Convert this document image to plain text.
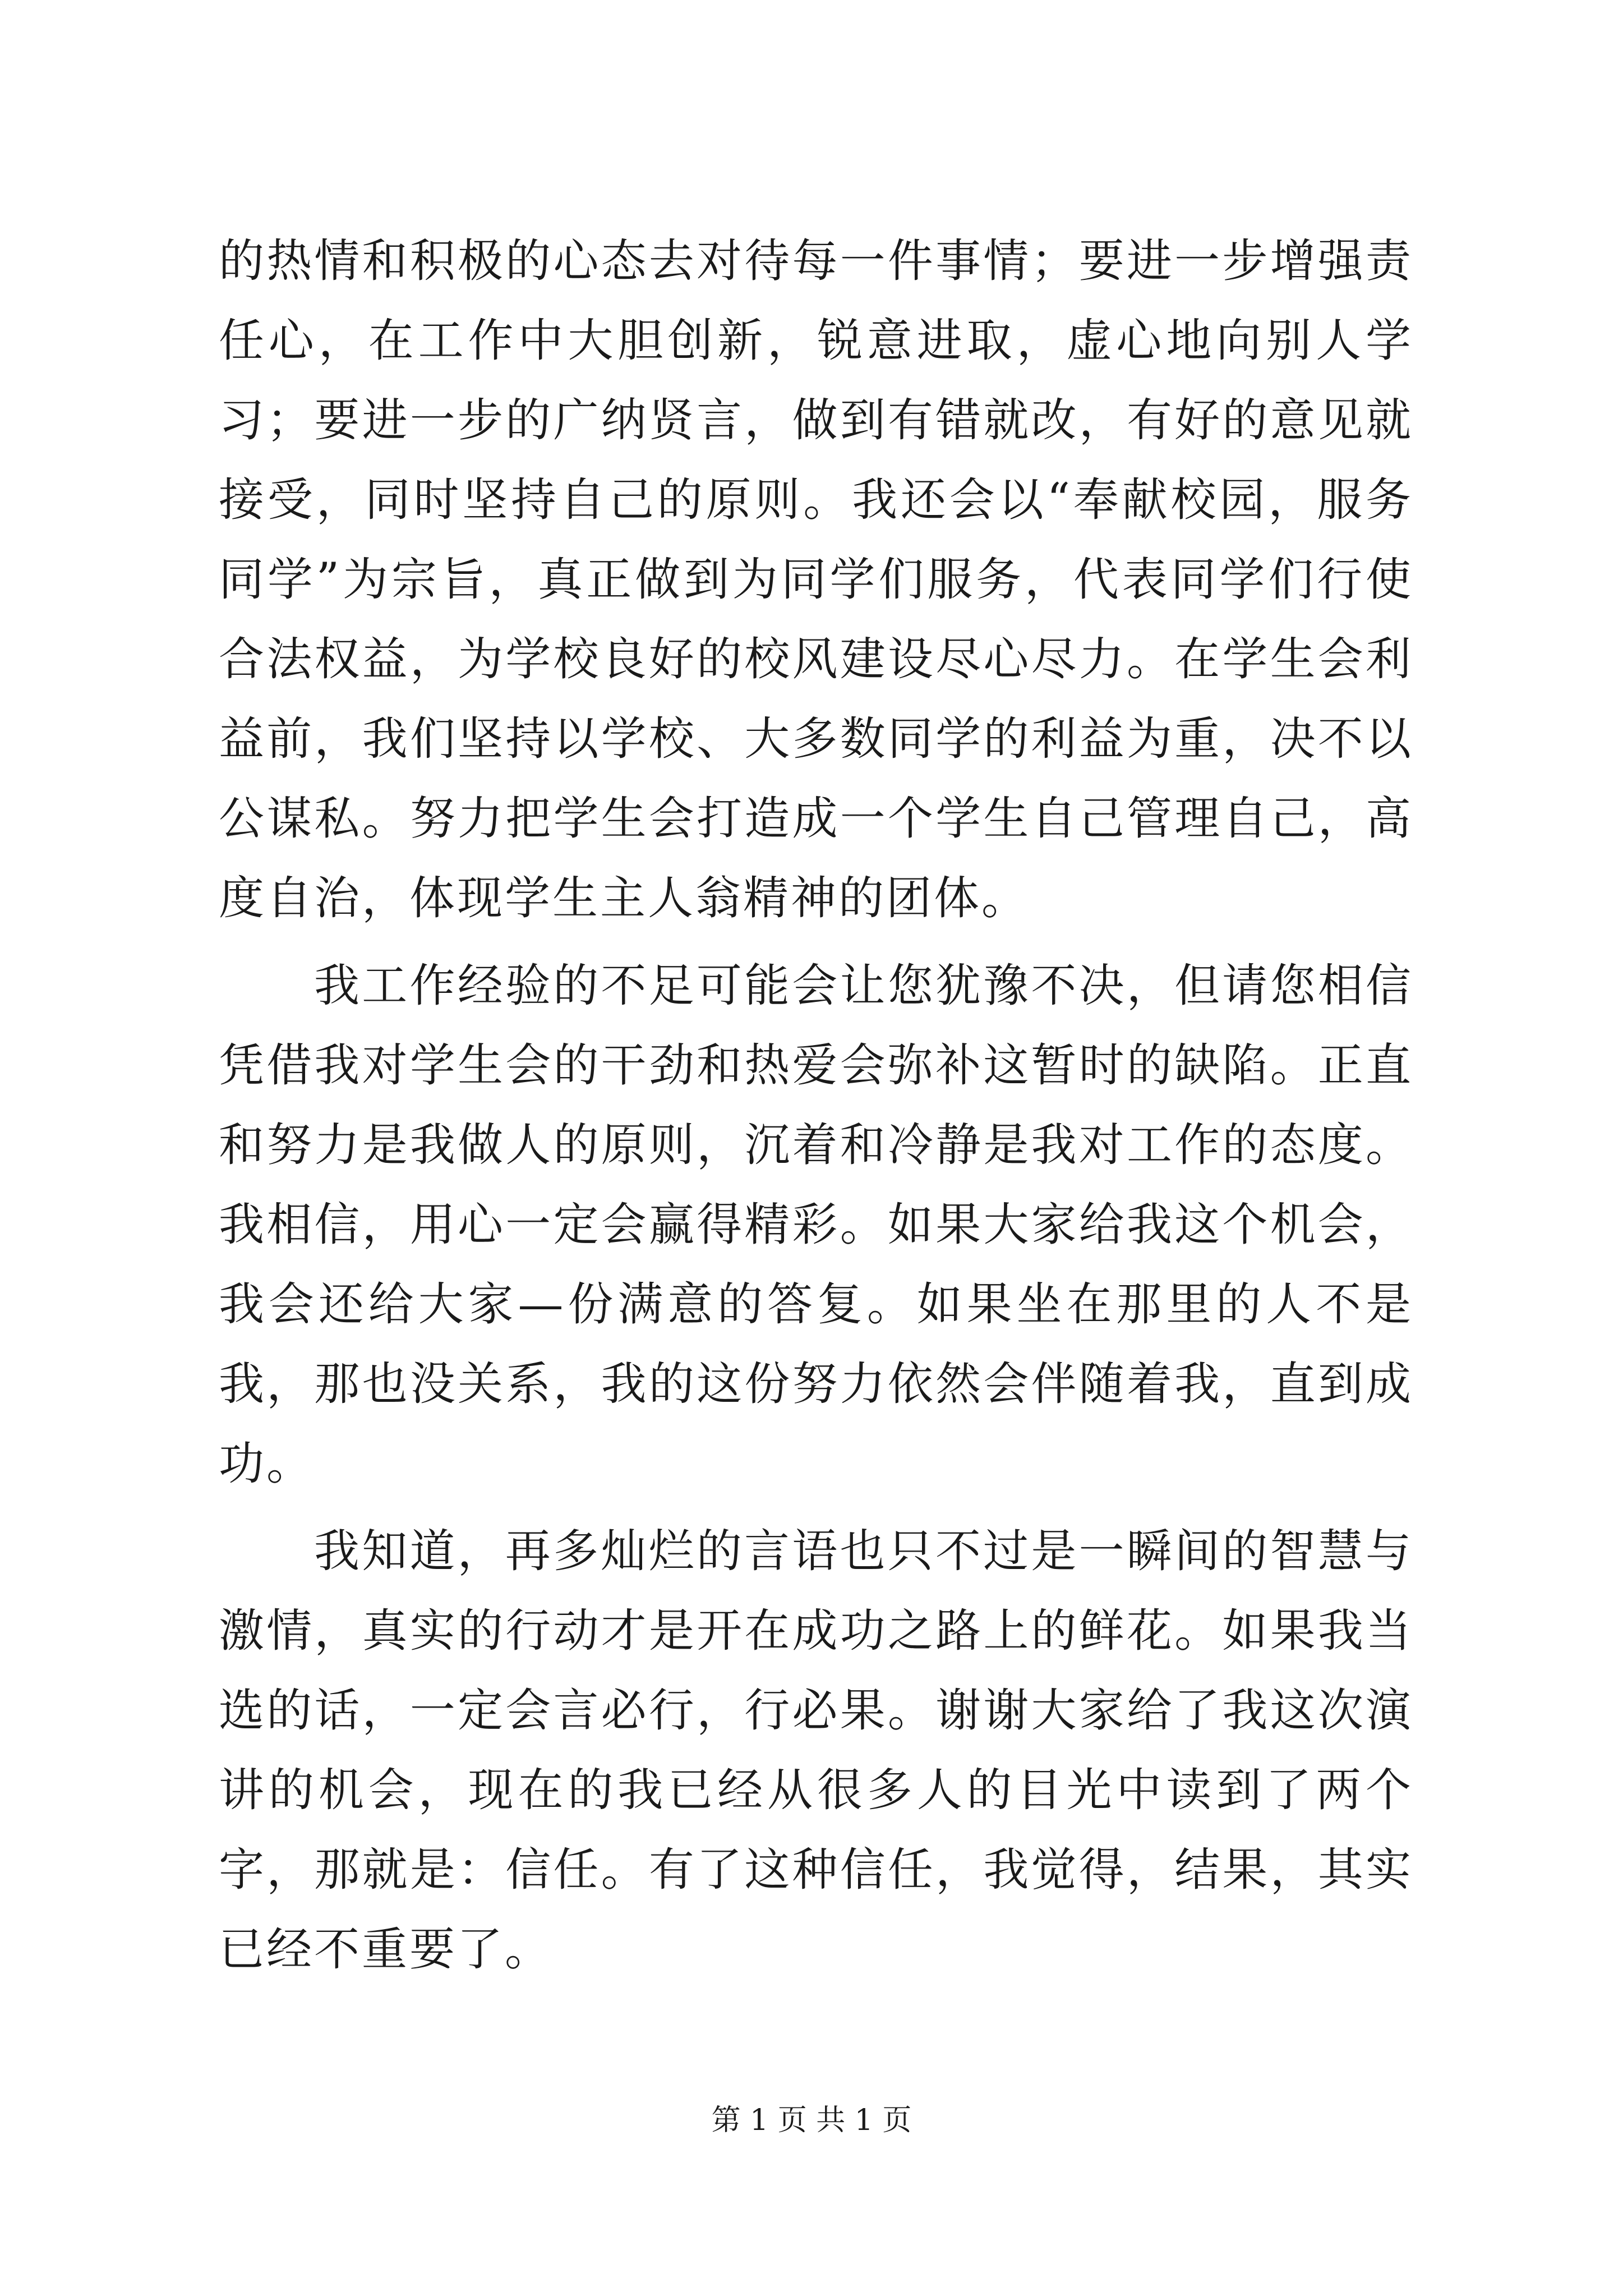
的热情和积极的心态去对待每一件事情；要进一步增强责任心，在工作中大胆创新，锐意进取，虚心地向别人学习；要进一步的广纳贤言，做到有错就改，有好的意见就接受，同时坚持自己的原则。我还会以“奉献校园，服务同学”为宗旨，真正做到为同学们服务，代表同学们行使合法权益，为学校良好的校风建设尽心尽力。在学生会利益前，我们坚持以学校、大多数同学的利益为重，决不以公谋私。努力把学生会打造成一个学生自己管理自己，高度自治，体现学生主人翁精神的团体。

我工作经验的不足可能会让您犹豫不决，但请您相信凭借我对学生会的干劲和热爱会弥补这暂时的缺陷。正直和努力是我做人的原则，沉着和冷静是我对工作的态度。我相信，用心一定会赢得精彩。如果大家给我这个机会，我会还给大家—份满意的答复。如果坐在那里的人不是我，那也没关系，我的这份努力依然会伴随着我，直到成功。

我知道，再多灿烂的言语也只不过是一瞬间的智慧与激情，真实的行动才是开在成功之路上的鲜花。如果我当选的话，一定会言必行，行必果。谢谢大家给了我这次演讲的机会，现在的我已经从很多人的目光中读到了两个字，那就是：信任。有了这种信任，我觉得，结果，其实已经不重要了。

第 1 页 共 1 页
